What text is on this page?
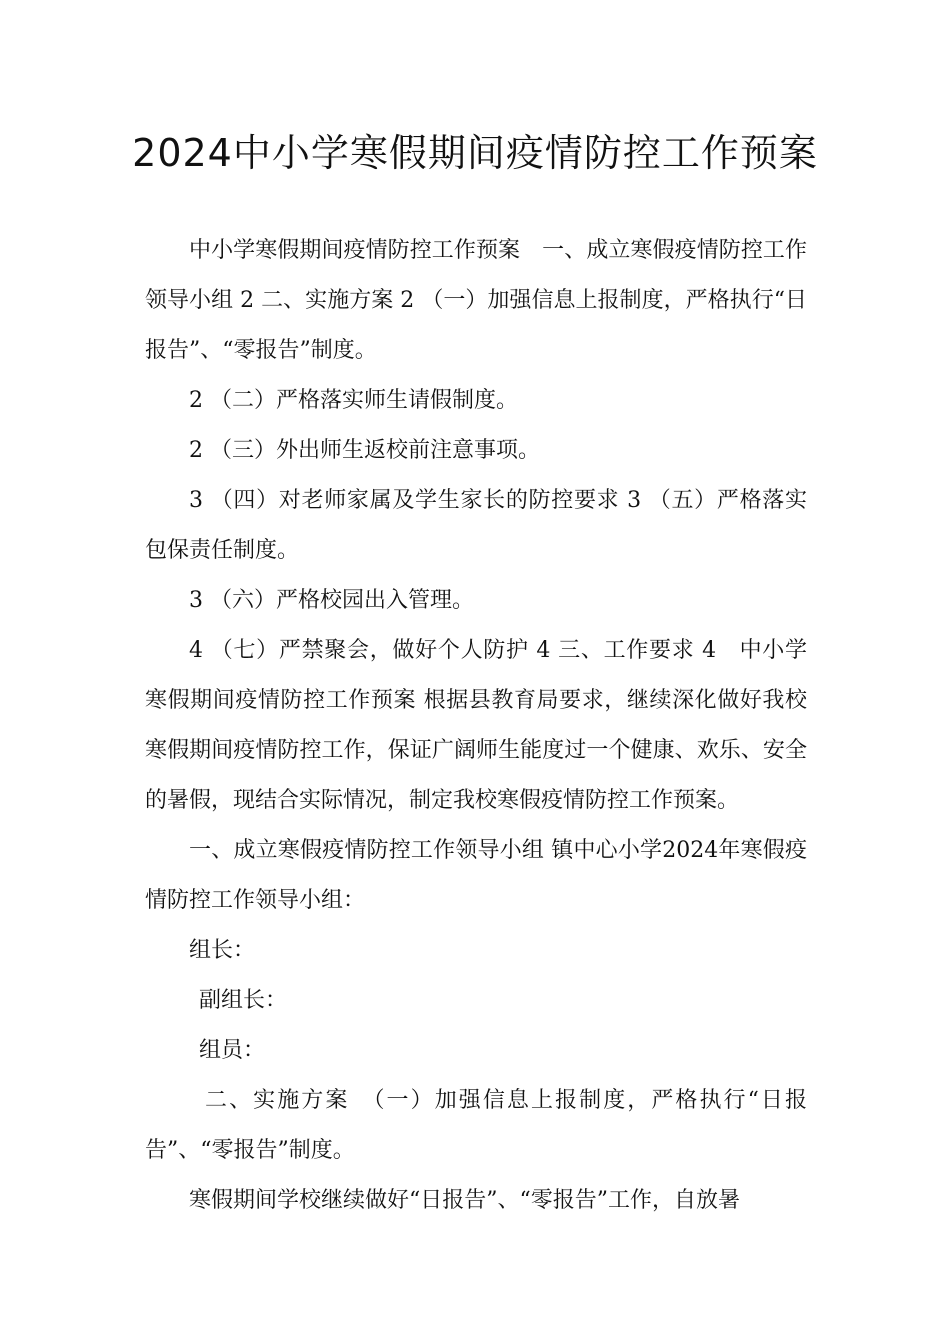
2024中小学寒假期间疫情防控工作预案

中小学寒假期间疫情防控工作预案　一、成立寒假疫情防控工作领导小组 2 二、实施方案 2 （一）加强信息上报制度，严格执行“日报告”、“零报告”制度。

2 （二）严格落实师生请假制度。

2 （三）外出师生返校前注意事项。

3 （四）对老师家属及学生家长的防控要求 3 （五）严格落实包保责任制度。

3 （六）严格校园出入管理。

4 （七）严禁聚会，做好个人防护 4 三、工作要求 4　中小学寒假期间疫情防控工作预案 根据县教育局要求，继续深化做好我校寒假期间疫情防控工作，保证广阔师生能度过一个健康、欢乐、安全的暑假，现结合实际情况，制定我校寒假疫情防控工作预案。

一、成立寒假疫情防控工作领导小组 镇中心小学2024年寒假疫情防控工作领导小组：

组长：

副组长：

组员：

二、实施方案　（一）加强信息上报制度，严格执行“日报告”、“零报告”制度。

寒假期间学校继续做好“日报告”、“零报告”工作，自放暑
